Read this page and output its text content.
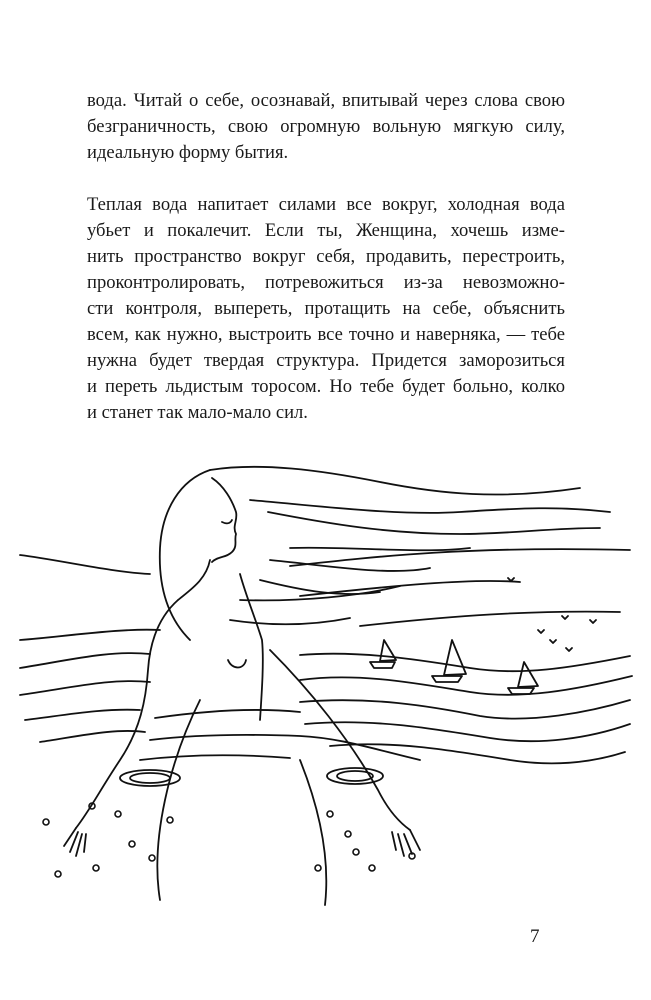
вода. Читай о себе, осознавай, впитывай через слова свою
безграничность, свою огромную вольную мягкую силу,
идеальную форму бытия.

Теплая вода напитает силами все вокруг, холодная вода
убьет и покалечит. Если ты, Женщина, хочешь изме-
нить пространство вокруг себя, продавить, перестроить,
проконтролировать, потревожиться из-за невозможно-
сти контроля, выпереть, протащить на себе, объяснить
всем, как нужно, выстроить все точно и наверняка, — тебе
нужна будет твердая структура. Придется заморозиться
и переть льдистым торосом. Но тебе будет больно, колко
и станет так мало-мало сил.

7
